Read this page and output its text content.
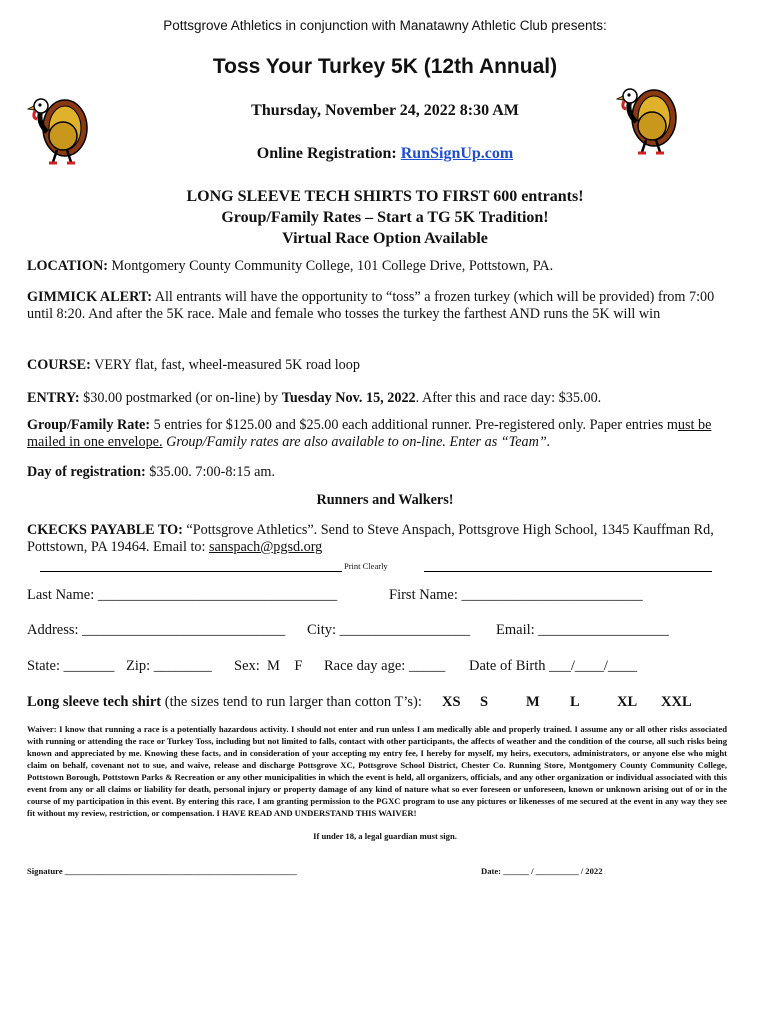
Pottsgrove Athletics in conjunction with Manatawny Athletic Club presents:
Toss Your Turkey 5K (12th Annual)
Thursday, November 24, 2022 8:30 AM
Online Registration: RunSignUp.com
LONG SLEEVE TECH SHIRTS TO FIRST 600 entrants!
Group/Family Rates – Start a TG 5K Tradition!
Virtual Race Option Available
LOCATION: Montgomery County Community College, 101 College Drive, Pottstown, PA.
GIMMICK ALERT: All entrants will have the opportunity to “toss” a frozen turkey (which will be provided) from 7:00 until 8:20. And after the 5K race. Male and female who tosses the turkey the farthest AND runs the 5K will win
COURSE: VERY flat, fast, wheel-measured 5K road loop
ENTRY: $30.00 postmarked (or on-line) by Tuesday Nov. 15, 2022. After this and race day: $35.00.
Group/Family Rate: 5 entries for $125.00 and $25.00 each additional runner. Pre-registered only. Paper entries must be mailed in one envelope. Group/Family rates are also available to on-line. Enter as “Team”.
Day of registration: $35.00. 7:00-8:15 am.
Runners and Walkers!
CKECKS PAYABLE TO: “Pottsgrove Athletics”. Send to Steve Anspach, Pottsgrove High School, 1345 Kauffman Rd, Pottstown, PA 19464. Email to: sanspach@pgsd.org
Print Clearly
Last Name: _________________________________	First Name: _________________________
Address: ____________________________ City: __________________ Email: __________________
State: _______ Zip: ________ Sex:  M    F Race day age: _____ Date of Birth ___/____/____
Long sleeve tech shirt (the sizes tend to run larger than cotton T’s): XS S	M L	XL XXL
Waiver: I know that running a race is a potentially hazardous activity. I should not enter and run unless I am medically able and properly trained. I assume any or all other risks associated with running or attending the race or Turkey Toss, including but not limited to falls, contact with other participants, the affects of weather and the condition of the course, all such risks being known and appreciated by me. Knowing these facts, and in consideration of your accepting my entry fee, I hereby for myself, my heirs, executors, administrators, or anyone else who might claim on behalf, covenant not to sue, and waive, release and discharge Pottsgrove XC, Pottsgrove School District, Chester Co. Running Store, Montgomery County Community College, Pottstown Borough, Pottstown Parks & Recreation or any other municipalities in which the event is held, all organizers, officials, and any other organization or individual associated with this event from any or all claims or liability for death, personal injury or property damage of any kind of nature what so ever foreseen or unforeseen, known or unknown arising out of or in the course of my participation in this event. By entering this race, I am granting permission to the PGXC program to use any pictures or likenesses of me secured at the event in any way they see fit without my review, restriction, or compensation. I HAVE READ AND UNDERSTAND THIS WAIVER!
If under 18, a legal guardian must sign.
Signature ______________________________________________________	Date: ______ / __________ / 2022
